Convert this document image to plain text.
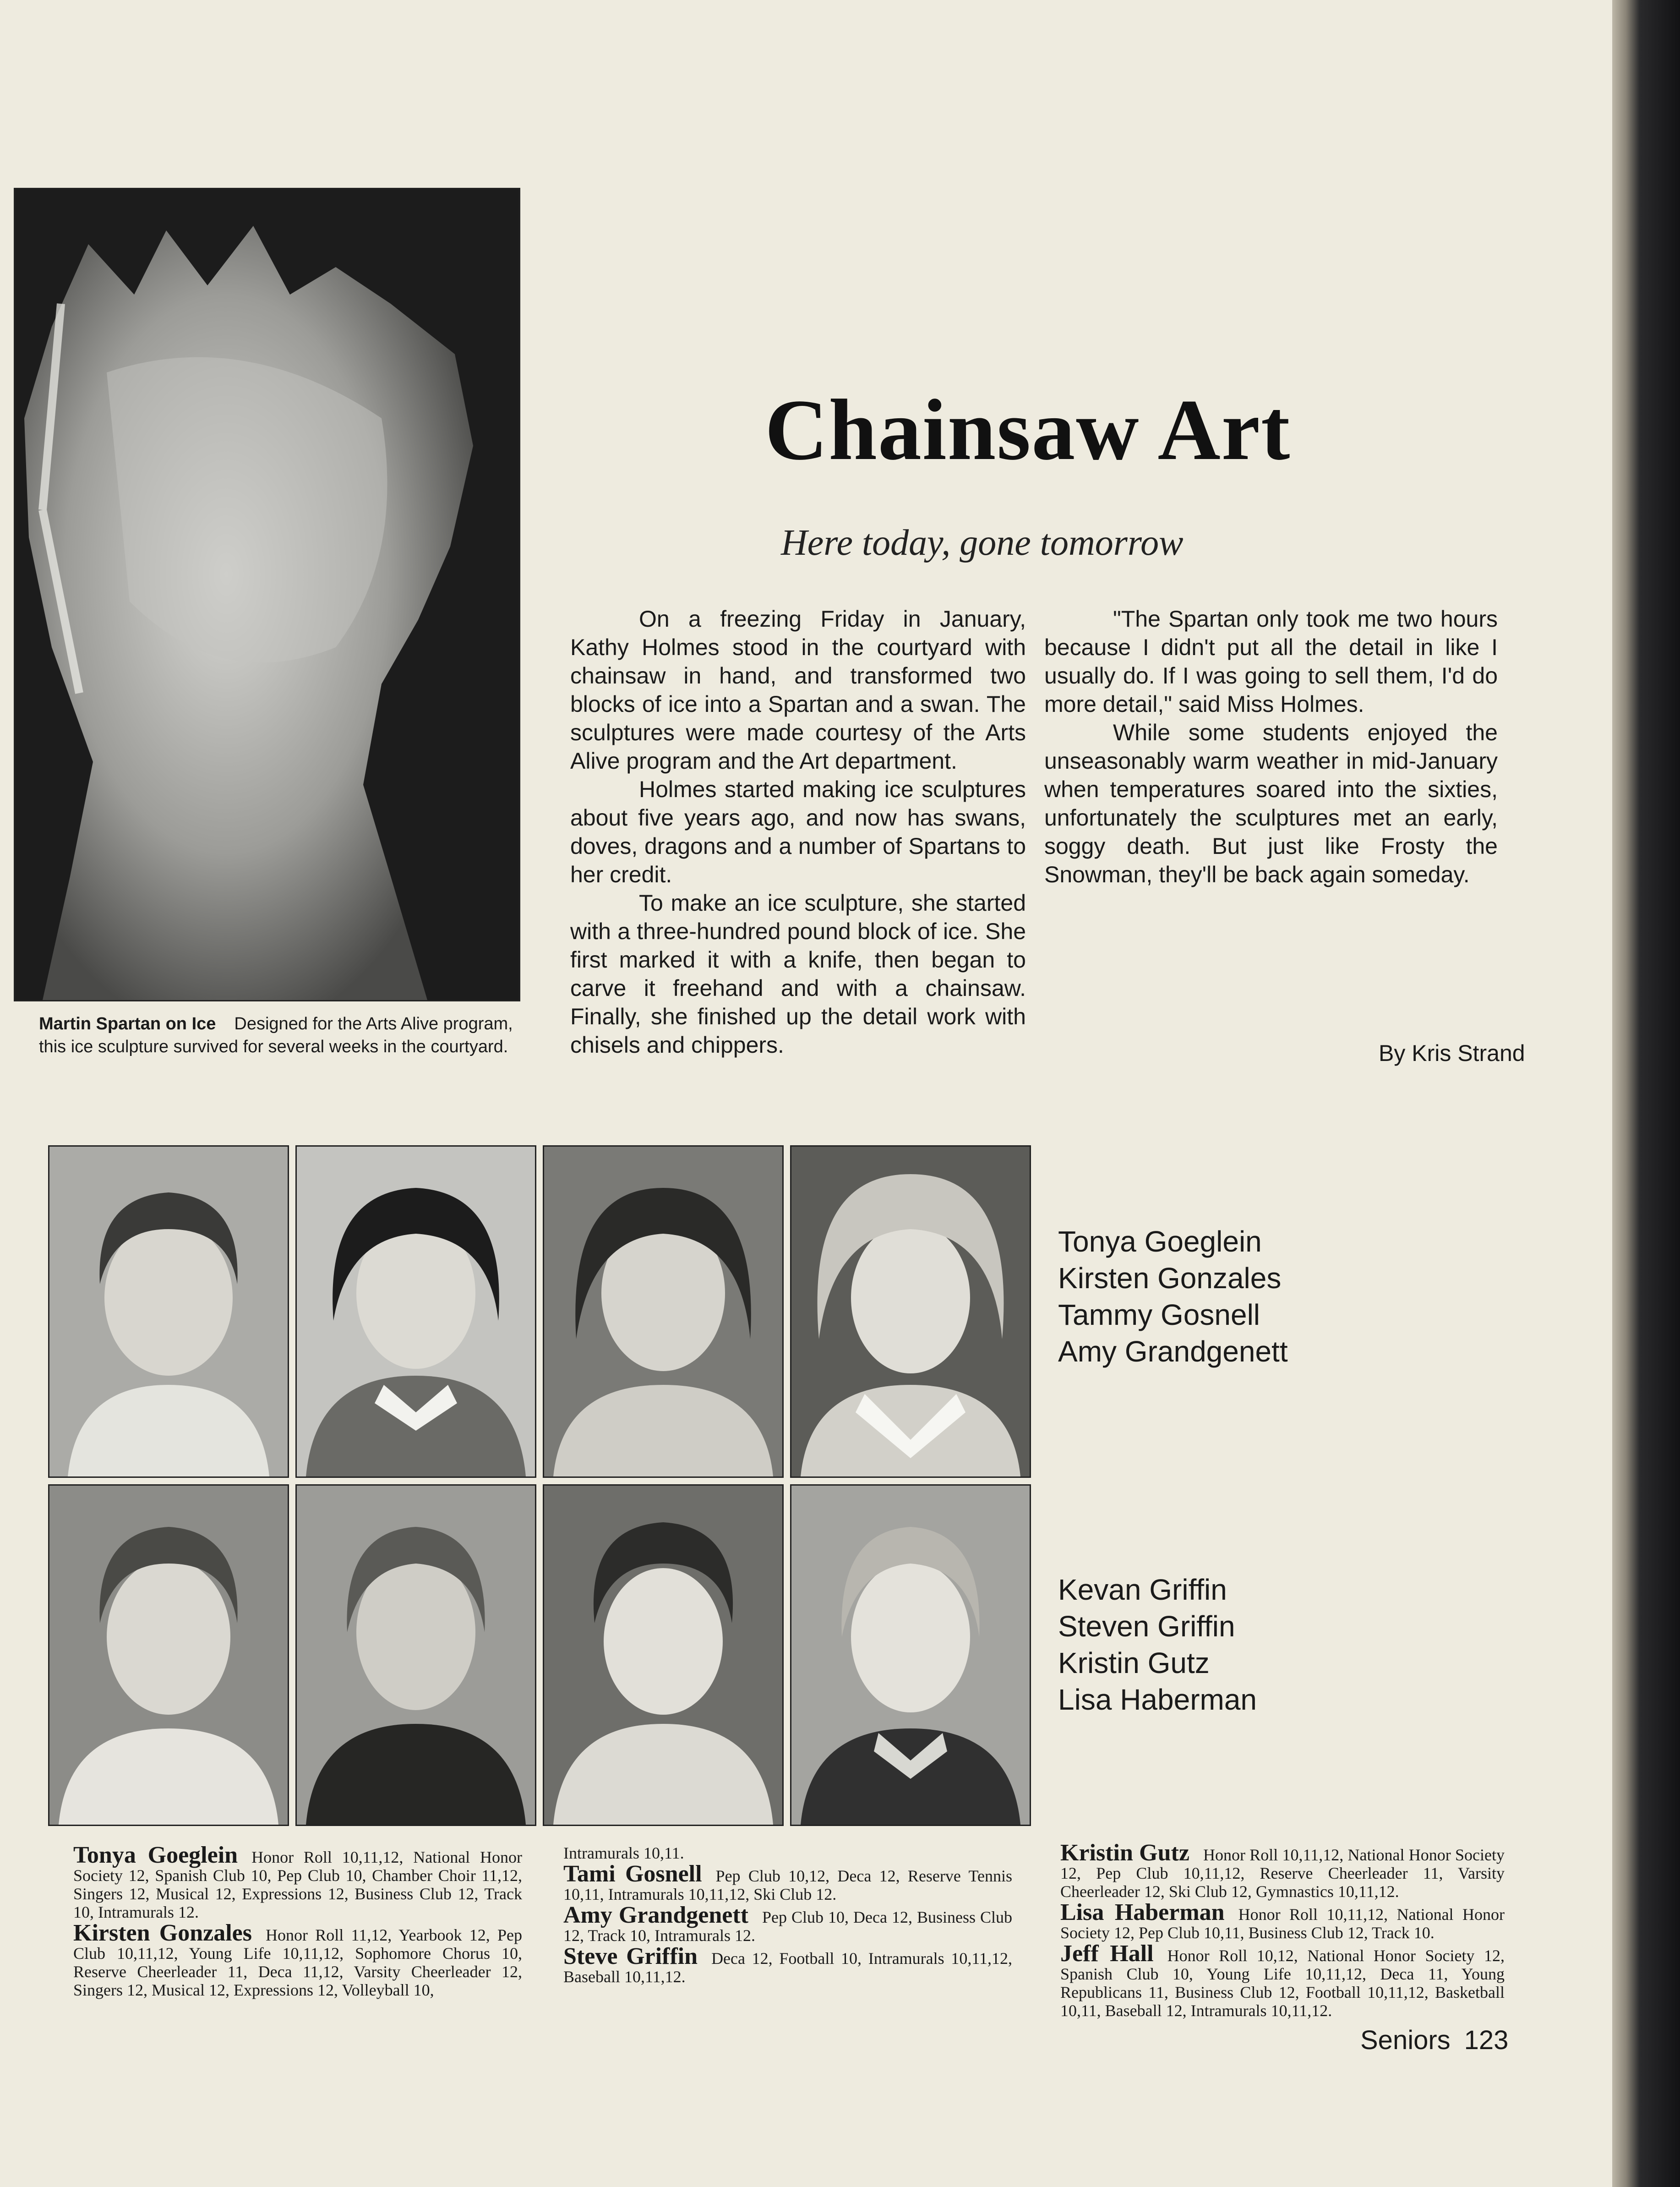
Martin Spartan on Ice Designed for the Arts Alive program, this ice sculpture survived for several weeks in the courtyard.
Chainsaw Art
Here today, gone tomorrow

On a freezing Friday in January, Kathy Holmes stood in the courtyard with chainsaw in hand, and transformed two blocks of ice into a Spartan and a swan. The sculptures were made courtesy of the Arts Alive program and the Art department.

Holmes started making ice sculptures about five years ago, and now has swans, doves, dragons and a number of Spartans to her credit.

To make an ice sculpture, she started with a three-hundred pound block of ice. She first marked it with a knife, then began to carve it freehand and with a chainsaw. Finally, she finished up the detail work with chisels and chippers.

"The Spartan only took me two hours because I didn't put all the detail in like I usually do. If I was going to sell them, I'd do more detail," said Miss Holmes.

While some students enjoyed the unseasonably warm weather in mid-January when temperatures soared into the sixties, unfortunately the sculptures met an early, soggy death. But just like Frosty the Snowman, they'll be back again someday.

By Kris Strand
Tonya Goeglein
Kirsten Gonzales
Tammy Gosnell
Amy Grandgenett
Kevan Griffin
Steven Griffin
Kristin Gutz
Lisa Haberman

Tonya Goeglein Honor Roll 10,11,12, National Honor Society 12, Spanish Club 10, Pep Club 10, Chamber Choir 11,12, Singers 12, Musical 12, Expressions 12, Business Club 12, Track 10, Intramurals 12.

Kirsten Gonzales Honor Roll 11,12, Yearbook 12, Pep Club 10,11,12, Young Life 10,11,12, Sophomore Chorus 10, Reserve Cheerleader 11, Deca 11,12, Varsity Cheerleader 12, Singers 12, Musical 12, Expressions 12, Volleyball 10,

Intramurals 10,11.

Tami Gosnell Pep Club 10,12, Deca 12, Reserve Tennis 10,11, Intramurals 10,11,12, Ski Club 12.

Amy Grandgenett Pep Club 10, Deca 12, Business Club 12, Track 10, Intramurals 12.

Steve Griffin Deca 12, Football 10, Intramurals 10,11,12, Baseball 10,11,12.

Kristin Gutz Honor Roll 10,11,12, National Honor Society 12, Pep Club 10,11,12, Reserve Cheerleader 11, Varsity Cheerleader 12, Ski Club 12, Gymnastics 10,11,12.

Lisa Haberman Honor Roll 10,11,12, National Honor Society 12, Pep Club 10,11, Business Club 12, Track 10.

Jeff Hall Honor Roll 10,12, National Honor Society 12, Spanish Club 10, Young Life 10,11,12, Deca 11, Young Republicans 11, Business Club 12, Football 10,11,12, Basketball 10,11, Baseball 12, Intramurals 10,11,12.

Seniors 123
